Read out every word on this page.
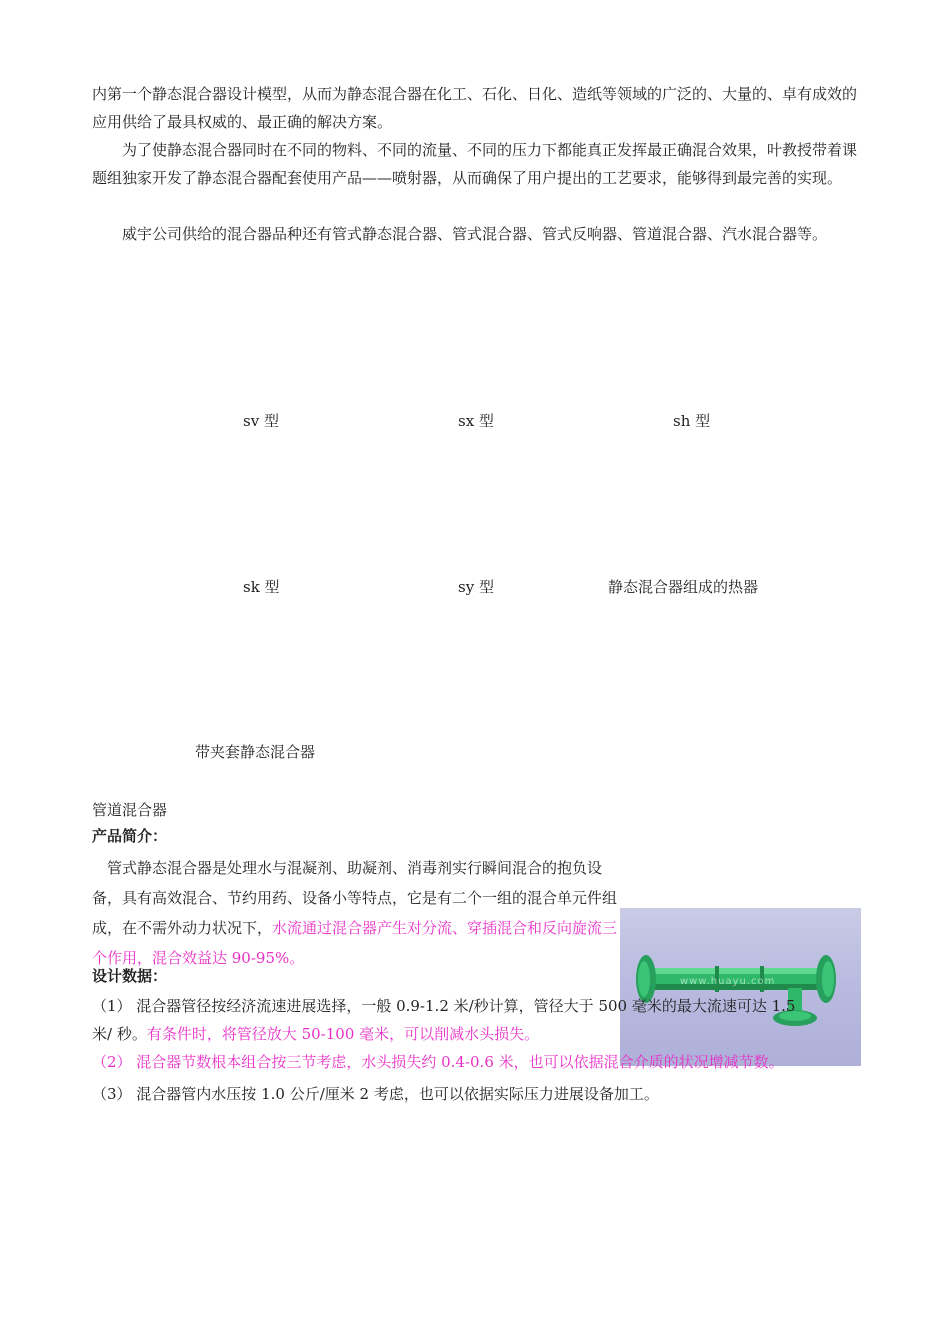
内第一个静态混合器设计模型，从而为静态混合器在化工、石化、日化、造纸等领域的广泛的、大量的、卓有成效的应用供给了最具权威的、最正确的解决方案。

为了使静态混合器同时在不同的物料、不同的流量、不同的压力下都能真正发挥最正确混合效果，叶教授带着课题组独家开发了静态混合器配套使用产品——喷射器，从而确保了用户提出的工艺要求，能够得到最完善的实现。

威宇公司供给的混合器品种还有管式静态混合器、管式混合器、管式反响器、管道混合器、汽水混合器等。

sv 型	sx 型	sh 型
sk 型	sy 型	静态混合器组成的热器
带夹套静态混合器
管道混合器
产品简介：

管式静态混合器是处理水与混凝剂、助凝剂、消毒剂实行瞬间混合的抱负设备，具有高效混合、节约用药、设备小等特点，它是有二个一组的混合单元件组成，在不需外动力状况下，水流通过混合器产生对分流、穿插混合和反向旋流三个作用，混合效益达 90-95%。

www.huayu.com
设计数据：
（1） 混合器管径按经济流速进展选择，一般 0.9-1.2 米/秒计算，管径大于 500 毫米的最大流速可达 1.5
米/ 秒。有条件时，将管径放大 50-100 毫米，可以削减水头损失。
（2） 混合器节数根本组合按三节考虑，水头损失约 0.4-0.6 米，也可以依据混合介质的状况增减节数。
（3） 混合器管内水压按 1.0 公斤/厘米 2 考虑，也可以依据实际压力进展设备加工。
